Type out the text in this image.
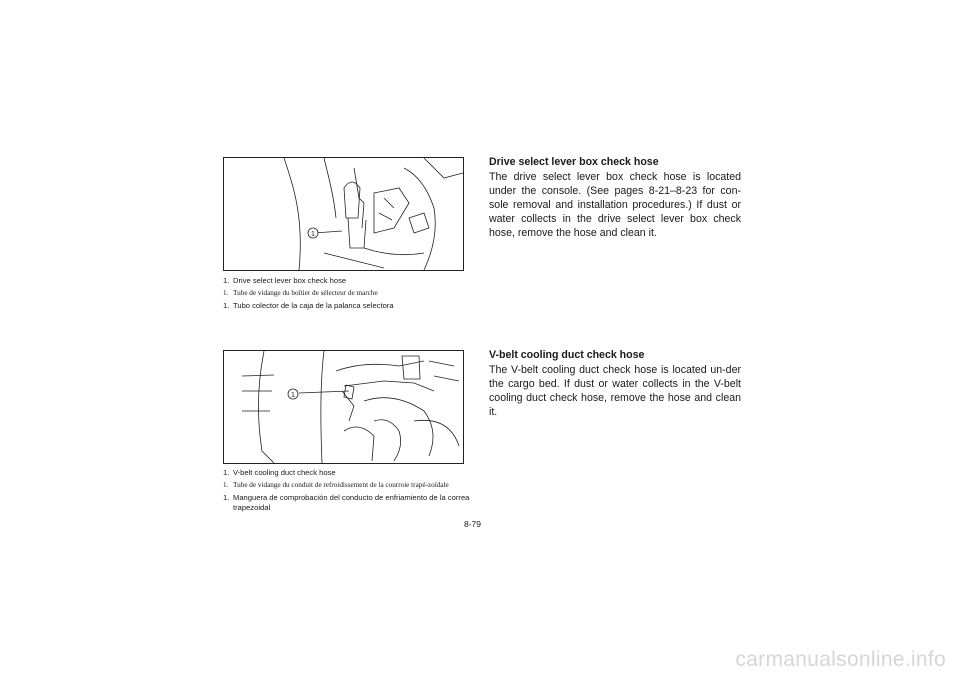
1
1. Drive select lever box check hose
1. Tube de vidange du boîtier de sélecteur de marche
1. Tubo colector de la caja de la palanca selectora
Drive select lever box check hose
The drive select lever box check hose is located under the console. (See pages 8-21–8-23 for con-sole removal and installation procedures.) If dust or water collects in the drive select lever box check hose, remove the hose and clean it.
1
1. V-belt cooling duct check hose
1. Tube de vidange du conduit de refroidissement de la courroie trapé-zoïdale
1. Manguera de comprobación del conducto de enfriamiento de la correa trapezoidal
V-belt cooling duct check hose
The V-belt cooling duct check hose is located un-der the cargo bed. If dust or water collects in the V-belt cooling duct check hose, remove the hose and clean it.
8-79
carmanualsonline.info
